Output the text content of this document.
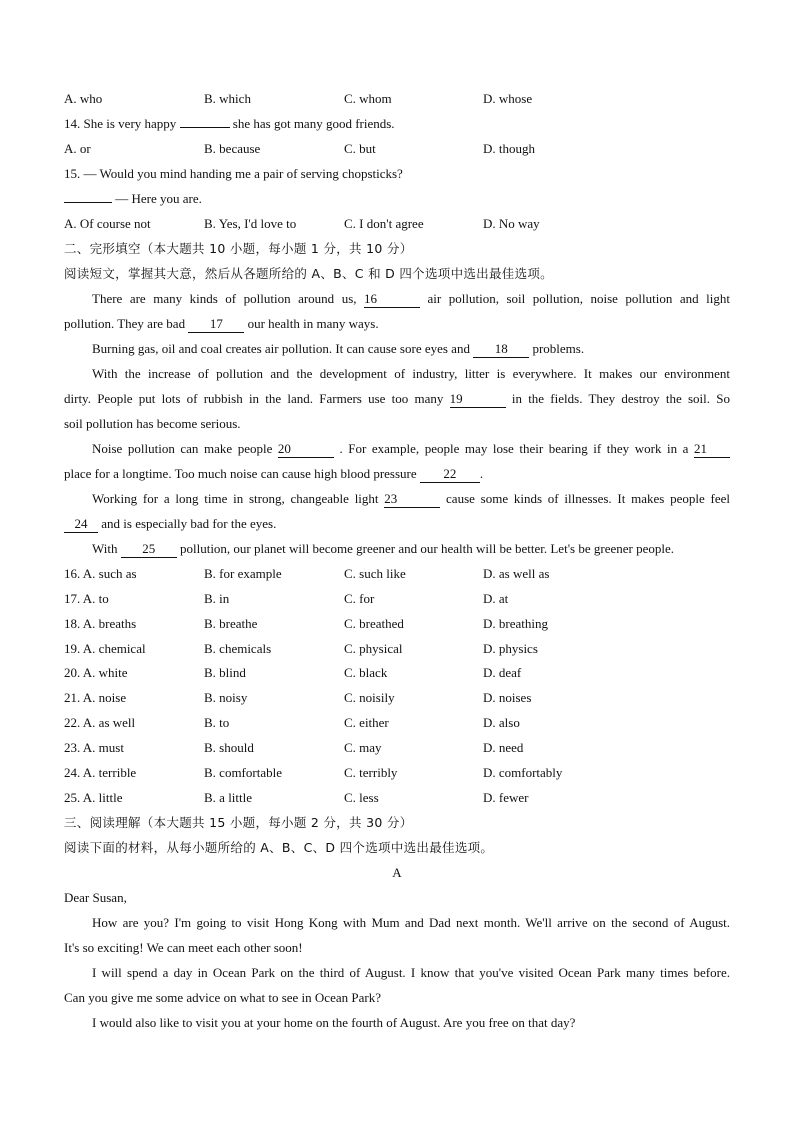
A. who	B. which	C. whom	D. whose
14. She is very happy	she has got many good friends.
A. or	B. because	C. but	D. though
15. — Would you mind handing me a pair of serving chopsticks?
— Here you are.
A. Of course not	B. Yes, I'd love to	C. I don't agree	D. No way
二、完形填空（本大题共 10 小题，每小题 1 分，共 10 分）
阅读短文，掌握其大意，然后从各题所给的 A、B、C 和 D 四个选项中选出最佳选项。
There are many kinds of pollution around us, 16	air pollution, soil pollution, noise pollution and light
pollution. They are bad 17 our health in many ways.
Burning gas, oil and coal creates air pollution. It can cause sore eyes and 18 problems.
With the increase of pollution and the development of industry, litter is everywhere. It makes our environment
dirty. People put lots of rubbish in the land. Farmers use too many 19	in the fields. They destroy the soil. So
soil pollution has become serious.
Noise pollution can make people 20	. For example, people may lose their bearing if they work in a 21
place for a longtime. Too much noise can cause high blood pressure 22 .
Working for a long time in strong, changeable light 23	cause some kinds of illnesses. It makes people feel
24 and is especially bad for the eyes.
With 25 pollution, our planet will become greener and our health will be better. Let's be greener people.
16. A. such as	B. for example	C. such like	D. as well as
17. A. to	B. in	C. for	D. at
18. A. breaths	B. breathe	C. breathed	D. breathing
19. A. chemical	B. chemicals	C. physical	D. physics
20. A. white	B. blind	C. black	D. deaf
21. A. noise	B. noisy	C. noisily	D. noises
22. A. as well	B. to	C. either	D. also
23. A. must	B. should	C. may	D. need
24. A. terrible	B. comfortable	C. terribly	D. comfortably
25. A. little	B. a little	C. less	D. fewer
三、阅读理解（本大题共 15 小题，每小题 2 分，共 30 分）
阅读下面的材料，从每小题所给的 A、B、C、D 四个选项中选出最佳选项。
A
Dear Susan,
How are you? I'm going to visit Hong Kong with Mum and Dad next month. We'll arrive on the second of August.
It's so exciting! We can meet each other soon!
I will spend a day in Ocean Park on the third of August. I know that you've visited Ocean Park many times before.
Can you give me some advice on what to see in Ocean Park?
I would also like to visit you at your home on the fourth of August. Are you free on that day?
